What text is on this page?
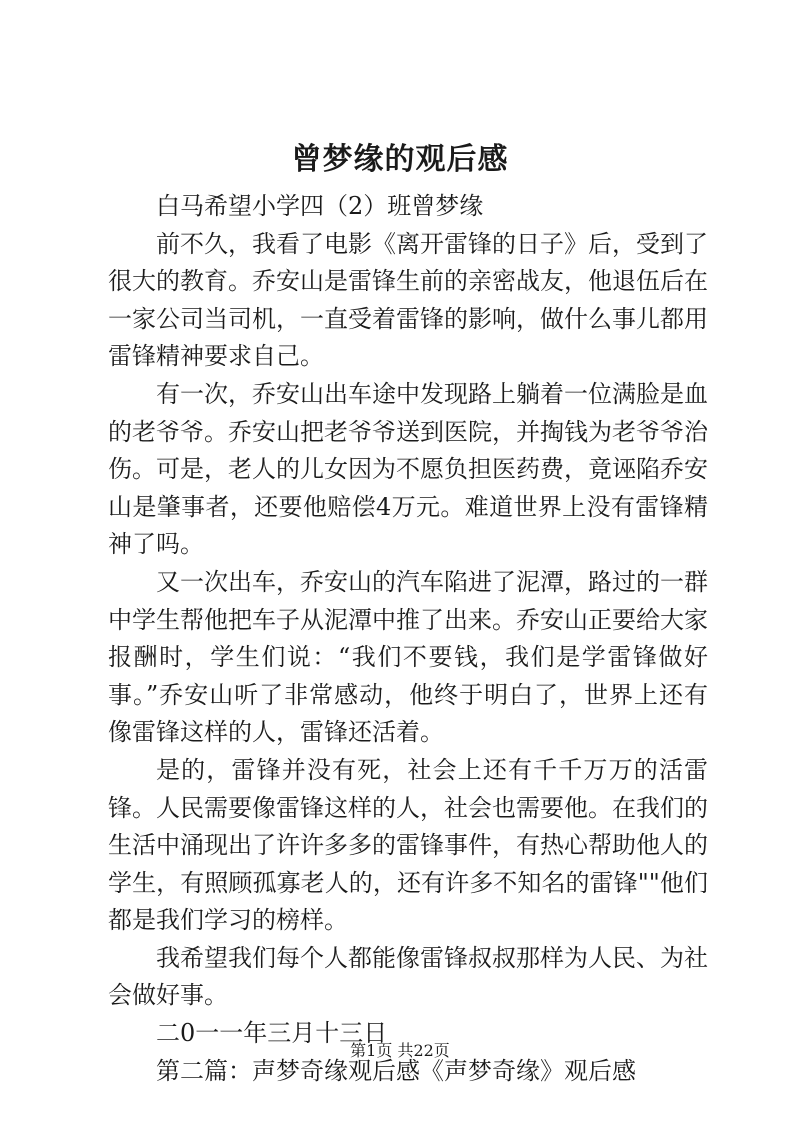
曾梦缘的观后感

白马希望小学四（2）班曾梦缘

前不久，我看了电影《离开雷锋的日子》后，受到了很大的教育。乔安山是雷锋生前的亲密战友，他退伍后在一家公司当司机，一直受着雷锋的影响，做什么事儿都用雷锋精神要求自己。

有一次，乔安山出车途中发现路上躺着一位满脸是血的老爷爷。乔安山把老爷爷送到医院，并掏钱为老爷爷治伤。可是，老人的儿女因为不愿负担医药费，竟诬陷乔安山是肇事者，还要他赔偿4万元。难道世界上没有雷锋精神了吗。

又一次出车，乔安山的汽车陷进了泥潭，路过的一群中学生帮他把车子从泥潭中推了出来。乔安山正要给大家报酬时，学生们说：“我们不要钱，我们是学雷锋做好事。”乔安山听了非常感动，他终于明白了，世界上还有像雷锋这样的人，雷锋还活着。

是的，雷锋并没有死，社会上还有千千万万的活雷锋。人民需要像雷锋这样的人，社会也需要他。在我们的生活中涌现出了许许多多的雷锋事件，有热心帮助他人的学生，有照顾孤寡老人的，还有许多不知名的雷锋""他们都是我们学习的榜样。

我希望我们每个人都能像雷锋叔叔那样为人民、为社会做好事。

二0一一年三月十三日

第二篇：声梦奇缘观后感《声梦奇缘》观后感

第1页 共22页
